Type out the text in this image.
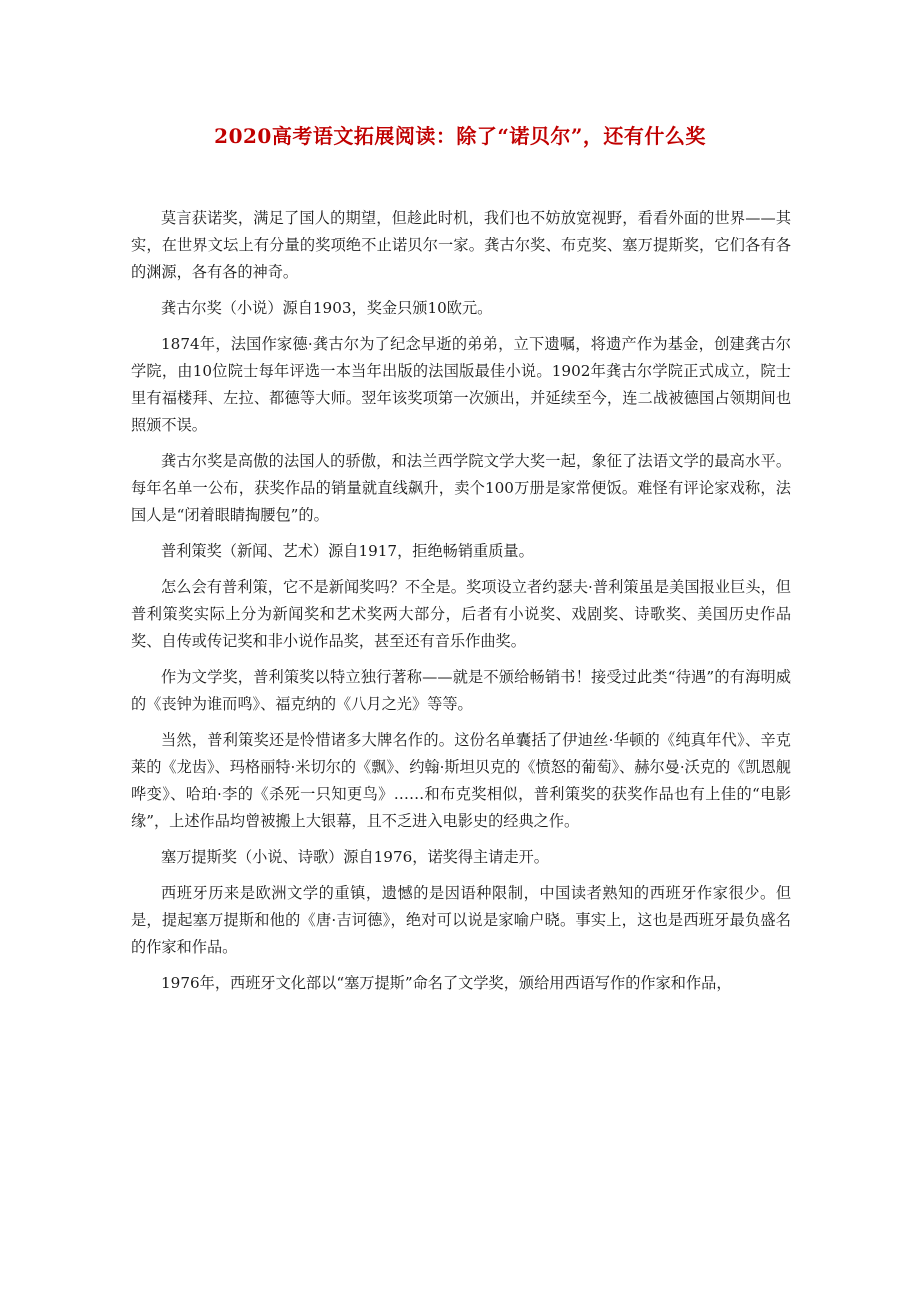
2020高考语文拓展阅读：除了“诺贝尔”，还有什么奖

莫言获诺奖，满足了国人的期望，但趁此时机，我们也不妨放宽视野，看看外面的世界——其实，在世界文坛上有分量的奖项绝不止诺贝尔一家。龚古尔奖、布克奖、塞万提斯奖，它们各有各的渊源，各有各的神奇。

龚古尔奖（小说）源自1903，奖金只颁10欧元。

1874年，法国作家德·龚古尔为了纪念早逝的弟弟，立下遗嘱，将遗产作为基金，创建龚古尔学院，由10位院士每年评选一本当年出版的法国版最佳小说。1902年龚古尔学院正式成立，院士里有福楼拜、左拉、都德等大师。翌年该奖项第一次颁出，并延续至今，连二战被德国占领期间也照颁不误。

龚古尔奖是高傲的法国人的骄傲，和法兰西学院文学大奖一起，象征了法语文学的最高水平。每年名单一公布，获奖作品的销量就直线飙升，卖个100万册是家常便饭。难怪有评论家戏称，法国人是“闭着眼睛掏腰包”的。

普利策奖（新闻、艺术）源自1917，拒绝畅销重质量。

怎么会有普利策，它不是新闻奖吗？不全是。奖项设立者约瑟夫·普利策虽是美国报业巨头，但普利策奖实际上分为新闻奖和艺术奖两大部分，后者有小说奖、戏剧奖、诗歌奖、美国历史作品奖、自传或传记奖和非小说作品奖，甚至还有音乐作曲奖。

作为文学奖，普利策奖以特立独行著称——就是不颁给畅销书！接受过此类“待遇”的有海明威的《丧钟为谁而鸣》、福克纳的《八月之光》等等。

当然，普利策奖还是怜惜诸多大牌名作的。这份名单囊括了伊迪丝·华顿的《纯真年代》、辛克莱的《龙齿》、玛格丽特·米切尔的《飘》、约翰·斯坦贝克的《愤怒的葡萄》、赫尔曼·沃克的《凯恩舰哗变》、哈珀·李的《杀死一只知更鸟》……和布克奖相似，普利策奖的获奖作品也有上佳的“电影缘”，上述作品均曾被搬上大银幕，且不乏进入电影史的经典之作。

塞万提斯奖（小说、诗歌）源自1976，诺奖得主请走开。

西班牙历来是欧洲文学的重镇，遗憾的是因语种限制，中国读者熟知的西班牙作家很少。但是，提起塞万提斯和他的《唐·吉诃德》，绝对可以说是家喻户晓。事实上，这也是西班牙最负盛名的作家和作品。

1976年，西班牙文化部以“塞万提斯”命名了文学奖，颁给用西语写作的作家和作品，
